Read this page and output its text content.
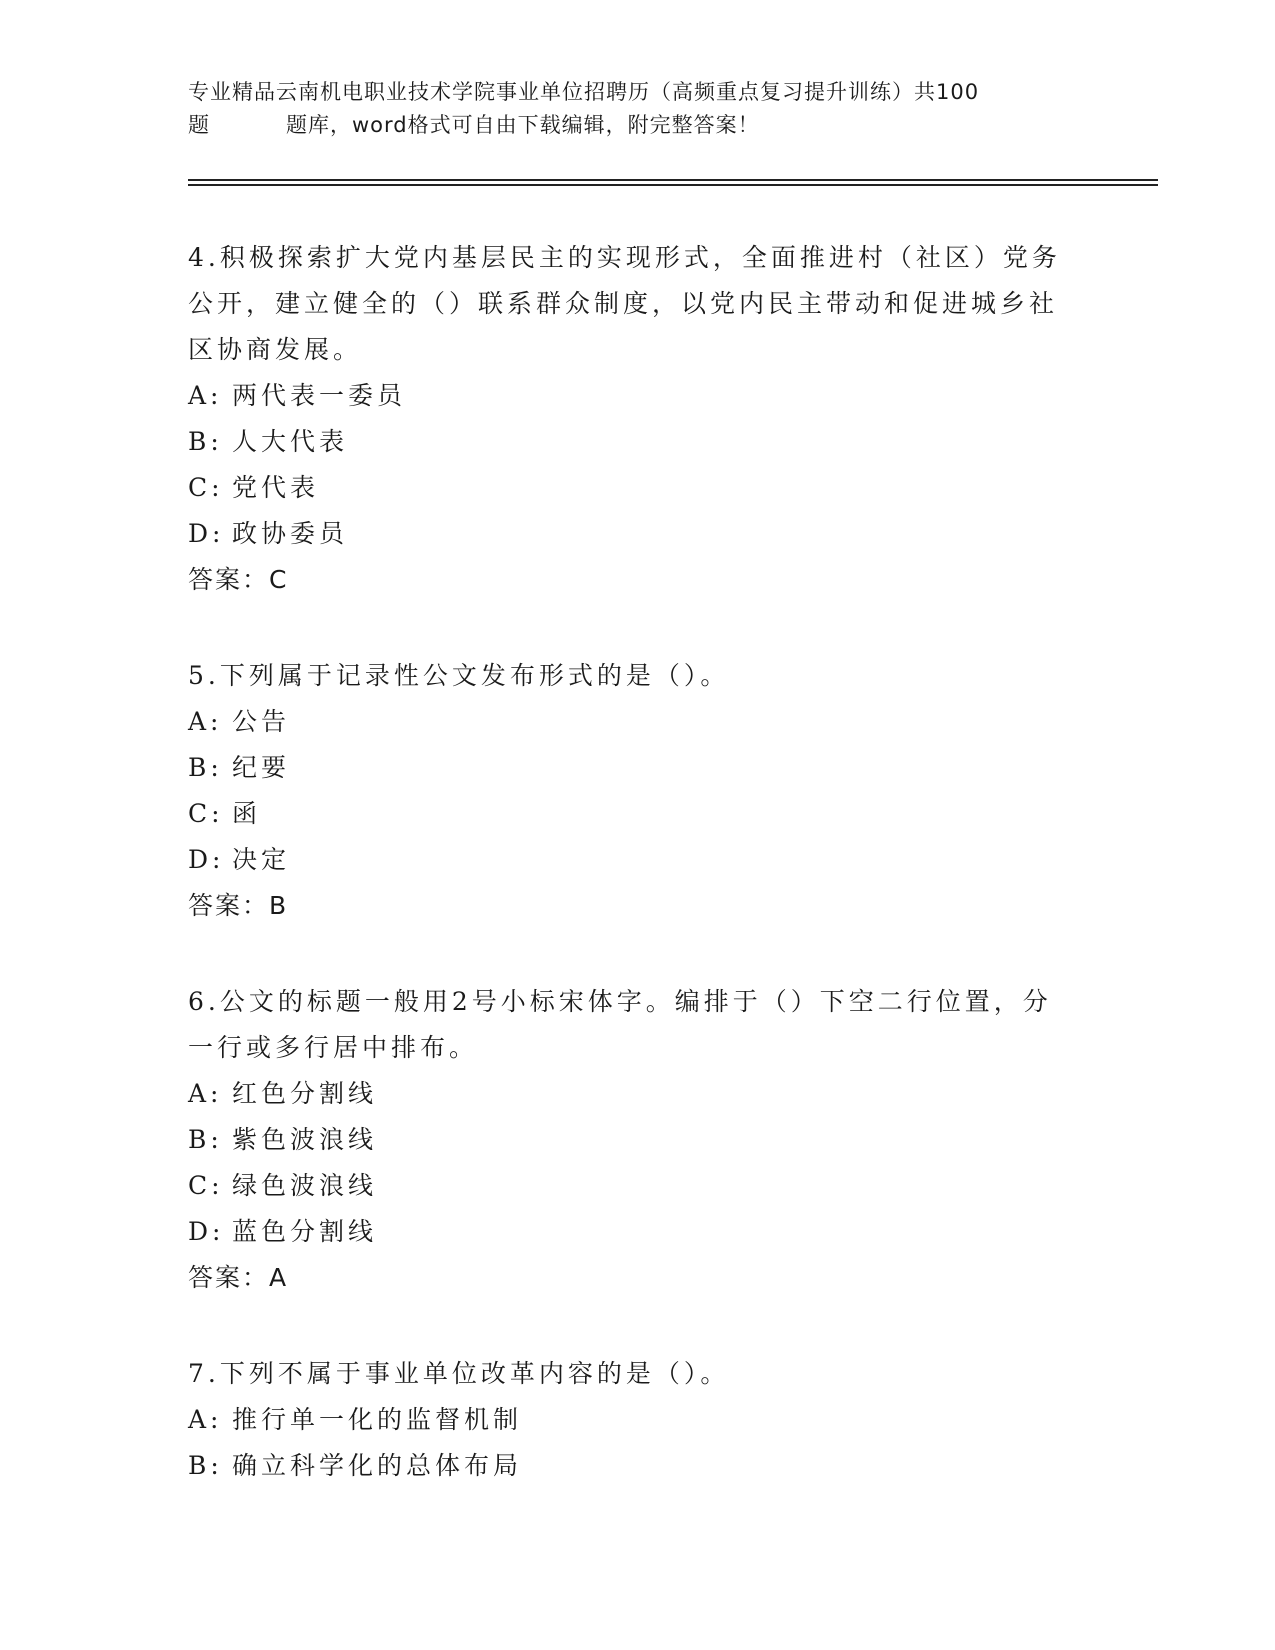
专业精品云南机电职业技术学院事业单位招聘历（高频重点复习提升训练）共100
题	题库，word格式可自由下载编辑，附完整答案！

4.积极探索扩大党内基层民主的实现形式，全面推进村（社区）党务公开，建立健全的（）联系群众制度，以党内民主带动和促进城乡社区协商发展。

A: 两代表一委员

B: 人大代表

C: 党代表

D: 政协委员

答案：C

5.下列属于记录性公文发布形式的是（）。

A: 公告

B: 纪要

C: 函

D: 决定

答案：B

6.公文的标题一般用2号小标宋体字。编排于（）下空二行位置，分一行或多行居中排布。

A: 红色分割线

B: 紫色波浪线

C: 绿色波浪线

D: 蓝色分割线

答案：A

7.下列不属于事业单位改革内容的是（）。

A: 推行单一化的监督机制

B: 确立科学化的总体布局
